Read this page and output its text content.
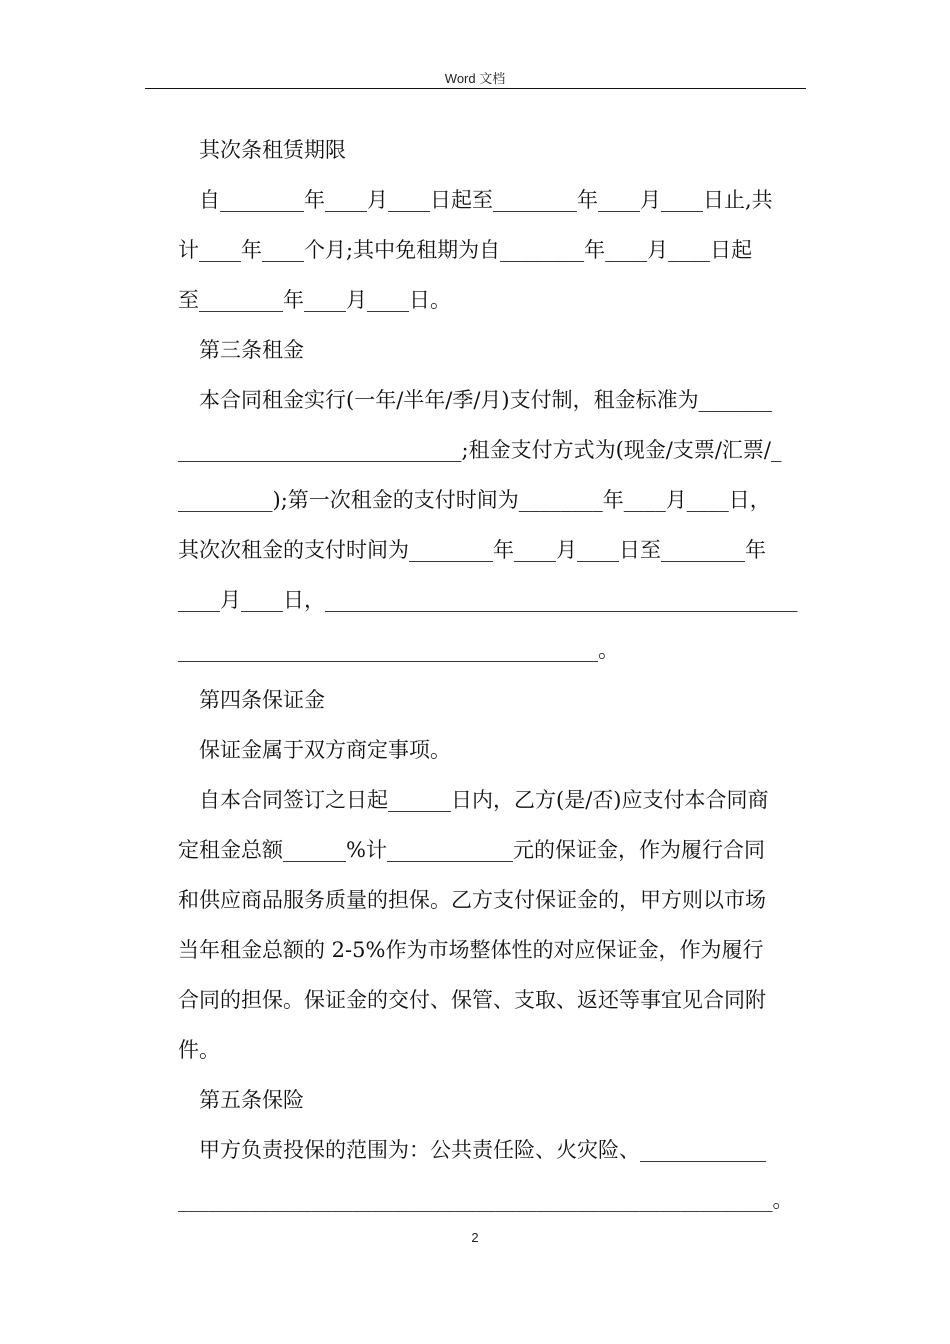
Word 文档
其次条租赁期限
自________年____月____日起至________年____月____日止,共
计____年____个月;其中免租期为自________年____月____日起
至________年____月____日。
第三条租金
本合同租金实行(一年/半年/季/月)支付制，租金标准为_______
___________________________;租金支付方式为(现金/支票/汇票/_
_________);第一次租金的支付时间为________年____月____日，
其次次租金的支付时间为________年____月____日至________年
____月____日，_____________________________________________
________________________________________。
第四条保证金
保证金属于双方商定事项。
自本合同签订之日起______日内，乙方(是/否)应支付本合同商
定租金总额______%计____________元的保证金，作为履行合同
和供应商品服务质量的担保。乙方支付保证金的，甲方则以市场
当年租金总额的 2-5%作为市场整体性的对应保证金，作为履行
合同的担保。保证金的交付、保管、支取、返还等事宜见合同附
件。
第五条保险
甲方负责投保的范围为：公共责任险、火灾险、____________
__________________________________________________________。
2
